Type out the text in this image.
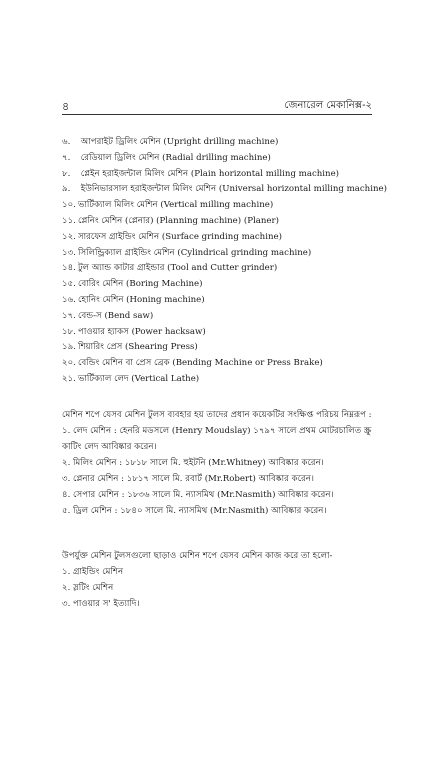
৪	জেনারেল মেকানিক্স-২
৬. আপরাইট ড্রিলিং মেশিন (Upright drilling machine)
৭. রেডিয়াল ড্রিলিং মেশিন (Radial drilling machine)
৮. প্লেইন হরাইজন্টাল মিলিং মেশিন (Plain horizontal milling machine)
৯. ইউনিভারসাল হরাইজন্টাল মিলিং মেশিন (Universal horizontal milling machine)
১০. ভার্টিক্যাল মিলিং মেশিন (Vertical milling machine)
১১. প্লেনিং মেশিন (প্লেনার) (Planning machine) (Planer)
১২. সারফেস গ্রাইন্ডিং মেশিন (Surface grinding machine)
১৩. সিলিন্ড্রিক্যাল গ্রাইন্ডিং মেশিন (Cylindrical grinding machine)
১৪. টুল অ্যান্ড কাটার গ্রাইন্ডার (Tool and Cutter grinder)
১৫. বোরিং মেশিন (Boring Machine)
১৬. হোনিং মেশিন (Honing machine)
১৭. বেন্ড-স (Bend saw)
১৮. পাওয়ার হ্যাকস (Power hacksaw)
১৯. শিয়ারিং প্রেস (Shearing Press)
২০. বেন্ডিং মেশিন বা প্রেস ব্রেক (Bending Machine or Press Brake)
২১. ভার্টিক্যাল লেদ (Vertical Lathe)

মেশিন শপে যেসব মেশিন টুলস ব্যবহার হয় তাদের প্রধান কয়েকটির সংক্ষিপ্ত পরিচয় নিম্নরূপ :

১. লেদ মেশিন : হেনরি মডসলে (Henry Moudslay) ১৭৯৭ সালে প্রথম মোটরচালিত স্ক্রু কাটিং লেদ আবিষ্কার করেন।
২. মিলিং মেশিন : ১৮১৮ সালে মি. হুইটনি (Mr.Whitney) আবিষ্কার করেন।
৩. প্লেনার মেশিন : ১৮১৭ সালে মি. রবার্ট (Mr.Robert) আবিষ্কার করেন।
৪. সেপার মেশিন : ১৮৩৬ সালে মি. ন্যাসমিথ (Mr.Nasmith) আবিষ্কার করেন।
৫. ড্রিল মেশিন : ১৮৪০ সালে মি. ন্যাসমিথ (Mr.Nasmith) আবিষ্কার করেন।

উপর্যুক্ত মেশিন টুলসগুলো ছাড়াও মেশিন শপে যেসব মেশিন কাজ করে তা হলো-

১. গ্রাইন্ডিং মেশিন
২. স্লটিং মেশিন
৩. পাওয়ার স' ইত্যাদি।
